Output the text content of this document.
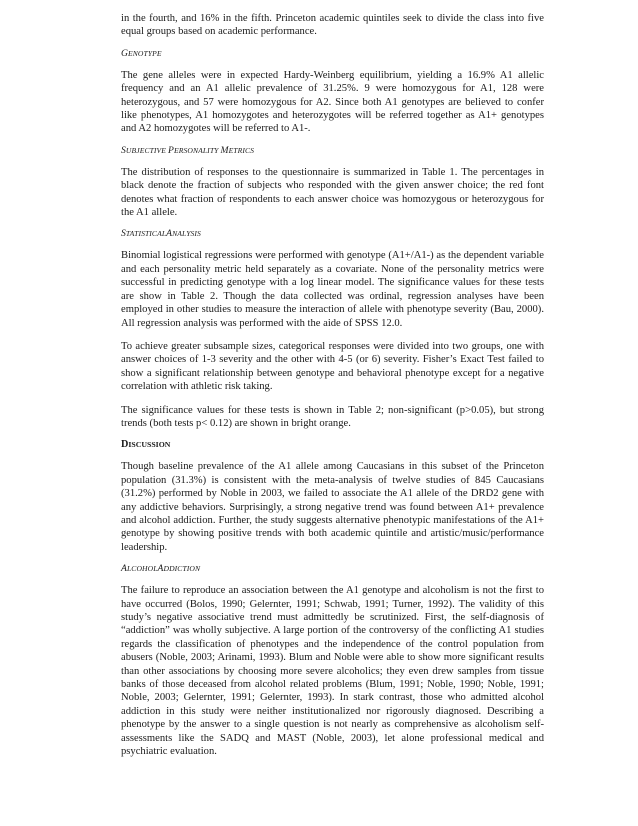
in the fourth, and 16% in the fifth. Princeton academic quintiles seek to divide the class into five equal groups based on academic performance.

GENOTYPE

The gene alleles were in expected Hardy-Weinberg equilibrium, yielding a 16.9% A1 allelic frequency and an A1 allelic prevalence of 31.25%. 9 were homozygous for A1, 128 were heterozygous, and 57 were homozygous for A2. Since both A1 genotypes are believed to confer like phenotypes, A1 homozygotes and heterozygotes will be referred together as A1+ genotypes and A2 homozygotes will be referred to A1-.

SUBJECTIVE PERSONALITY METRICS

The distribution of responses to the questionnaire is summarized in Table 1. The percentages in black denote the fraction of subjects who responded with the given answer choice; the red font denotes what fraction of respondents to each answer choice was homozygous or heterozygous for the A1 allele.

STATISTICALANALYSIS

Binomial logistical regressions were performed with genotype (A1+/A1-) as the dependent variable and each personality metric held separately as a covariate. None of the personality metrics were successful in predicting genotype with a log linear model. The significance values for these tests are show in Table 2. Though the data collected was ordinal, regression analyses have been employed in other studies to measure the interaction of allele with phenotype severity (Bau, 2000). All regression analysis was performed with the aide of SPSS 12.0.

To achieve greater subsample sizes, categorical responses were divided into two groups, one with answer choices of 1-3 severity and the other with 4-5 (or 6) severity. Fisher’s Exact Test failed to show a significant relationship between genotype and behavioral phenotype except for a negative correlation with athletic risk taking.

The significance values for these tests is shown in Table 2; non-significant (p>0.05), but strong trends (both tests p< 0.12) are shown in bright orange.

DISCUSSION

Though baseline prevalence of the A1 allele among Caucasians in this subset of the Princeton population (31.3%) is consistent with the meta-analysis of twelve studies of 845 Caucasians (31.2%) performed by Noble in 2003, we failed to associate the A1 allele of the DRD2 gene with any addictive behaviors. Surprisingly, a strong negative trend was found between A1+ prevalence and alcohol addiction. Further, the study suggests alternative phenotypic manifestations of the A1+ genotype by showing positive trends with both academic quintile and artistic/music/performance leadership.

ALCOHOLADDICTION

The failure to reproduce an association between the A1 genotype and alcoholism is not the first to have occurred (Bolos, 1990; Gelernter, 1991; Schwab, 1991; Turner, 1992). The validity of this study’s negative associative trend must admittedly be scrutinized. First, the self-diagnosis of “addiction” was wholly subjective. A large portion of the controversy of the conflicting A1 studies regards the classification of phenotypes and the independence of the control population from abusers (Noble, 2003; Arinami, 1993). Blum and Noble were able to show more significant results than other associations by choosing more severe alcoholics; they even drew samples from tissue banks of those deceased from alcohol related problems (Blum, 1991; Noble, 1990; Noble, 1991; Noble, 2003; Gelernter, 1991; Gelernter, 1993). In stark contrast, those who admitted alcohol addiction in this study were neither institutionalized nor rigorously diagnosed. Describing a phenotype by the answer to a single question is not nearly as comprehensive as alcoholism self-assessments like the SADQ and MAST (Noble, 2003), let alone professional medical and psychiatric evaluation.
